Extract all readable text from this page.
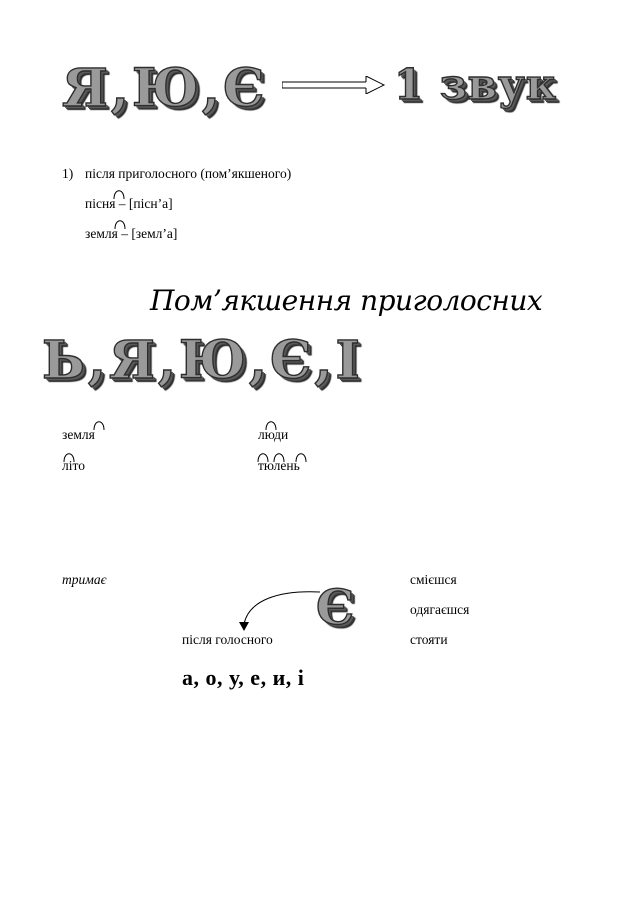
Я,Ю,Є	1 звук
1) після приголосного (пом’якшеного)
пісня – [пісн’а]
земля – [земл’а]
Пом’якшення приголосних
Ь,Я,Ю,Є,І
земля
літо
люди
тюлень
тримає
Є
після голосного
а, о, у, е, и, і
смієшся
одягаєшся
стояти
